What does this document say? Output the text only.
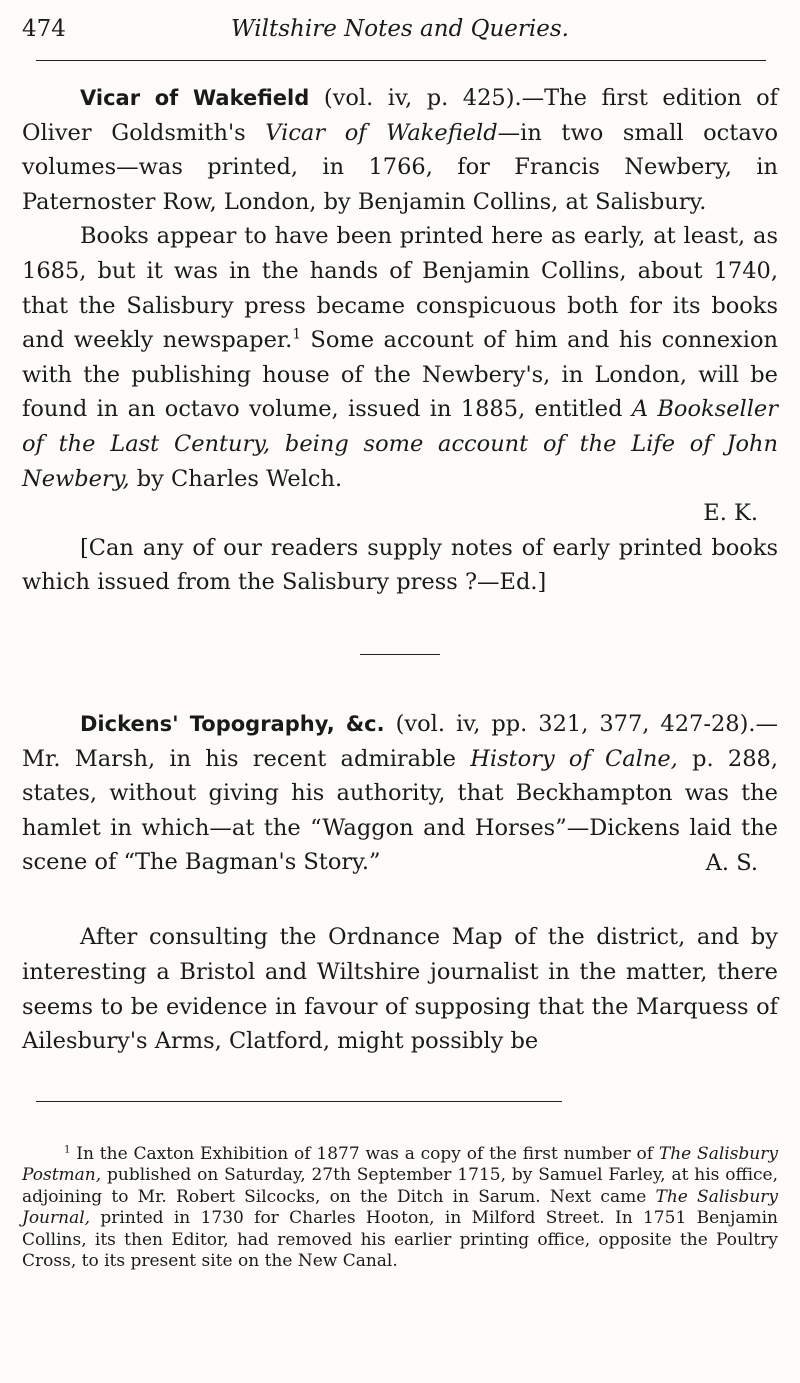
474	Wiltshire Notes and Queries.

Vicar of Wakefield (vol. iv, p. 425).—The first edition of Oliver Goldsmith's Vicar of Wakefield—in two small octavo volumes—was printed, in 1766, for Francis Newbery, in Paternoster Row, London, by Benjamin Collins, at Salisbury.

Books appear to have been printed here as early, at least, as 1685, but it was in the hands of Benjamin Collins, about 1740, that the Salisbury press became conspicuous both for its books and weekly newspaper.$^1$ Some account of him and his connexion with the publishing house of the Newbery's, in London, will be found in an octavo volume, issued in 1885, entitled A Bookseller of the Last Century, being some account of the Life of John Newbery, by Charles Welch.

E. K.

[Can any of our readers supply notes of early printed books which issued from the Salisbury press ?—Ed.]

Dickens' Topography, &c. (vol. iv, pp. 321, 377, 427-28).—Mr. Marsh, in his recent admirable History of Calne, p. 288, states, without giving his authority, that Beckhampton was the hamlet in which—at the “Waggon and Horses”—Dickens laid the scene of “The Bagman's Story.”	A. S.

After consulting the Ordnance Map of the district, and by interesting a Bristol and Wiltshire journalist in the matter, there seems to be evidence in favour of supposing that the Marquess of Ailesbury's Arms, Clatford, might possibly be

$^1$ In the Caxton Exhibition of 1877 was a copy of the first number of The Salisbury Postman, published on Saturday, 27th September 1715, by Samuel Farley, at his office, adjoining to Mr. Robert Silcocks, on the Ditch in Sarum. Next came The Salisbury Journal, printed in 1730 for Charles Hooton, in Milford Street. In 1751 Benjamin Collins, its then Editor, had removed his earlier printing office, opposite the Poultry Cross, to its present site on the New Canal.
